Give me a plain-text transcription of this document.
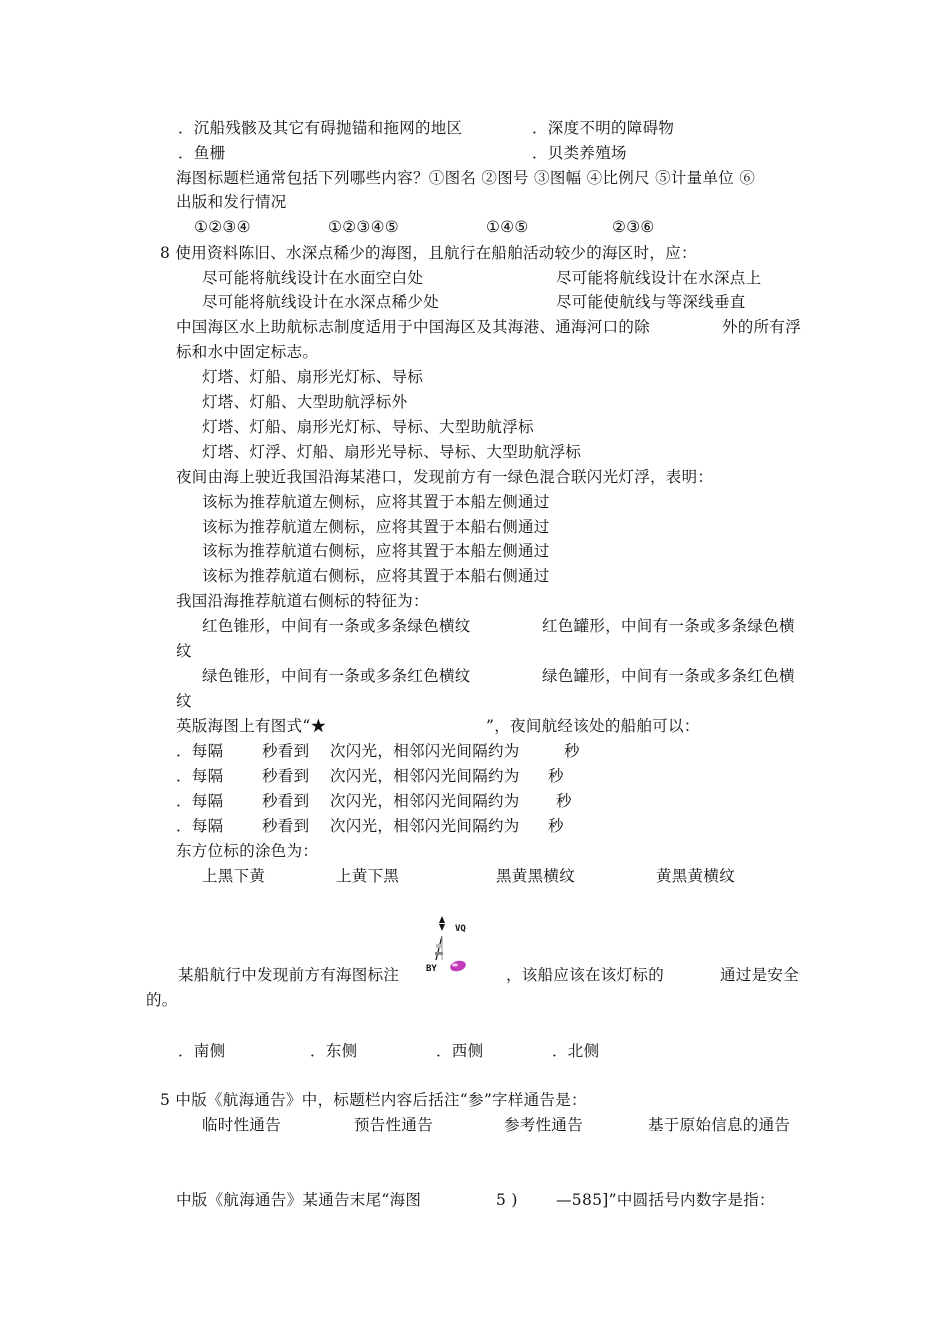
．沉船残骸及其它有碍抛锚和拖网的地区	．深度不明的障碍物
．鱼栅	．贝类养殖场
海图标题栏通常包括下列哪些内容？①图名 ②图号 ③图幅 ④比例尺 ⑤计量单位 ⑥
出版和发行情况
①②③④	①②③④⑤	①④⑤	②③⑥
8 使用资料陈旧、水深点稀少的海图，且航行在船舶活动较少的海区时，应：
尽可能将航线设计在水面空白处	尽可能将航线设计在水深点上
尽可能将航线设计在水深点稀少处	尽可能使航线与等深线垂直
中国海区水上助航标志制度适用于中国海区及其海港、通海河口的除	外的所有浮
标和水中固定标志。
灯塔、灯船、扇形光灯标、导标
灯塔、灯船、大型助航浮标外
灯塔、灯船、扇形光灯标、导标、大型助航浮标
灯塔、灯浮、灯船、扇形光导标、导标、大型助航浮标
夜间由海上驶近我国沿海某港口，发现前方有一绿色混合联闪光灯浮，表明：
该标为推荐航道左侧标，应将其置于本船左侧通过
该标为推荐航道左侧标，应将其置于本船右侧通过
该标为推荐航道右侧标，应将其置于本船左侧通过
该标为推荐航道右侧标，应将其置于本船右侧通过
我国沿海推荐航道右侧标的特征为：
红色锥形，中间有一条或多条绿色横纹	红色罐形，中间有一条或多条绿色横
纹
绿色锥形，中间有一条或多条红色横纹	绿色罐形，中间有一条或多条红色横
纹
英版海图上有图式“★	”，夜间航经该处的船舶可以：
．每隔 秒看到 次闪光，相邻闪光间隔约为	秒
．每隔 秒看到 次闪光，相邻闪光间隔约为 秒
．每隔 秒看到 次闪光，相邻闪光间隔约为 秒
．每隔 秒看到 次闪光，相邻闪光间隔约为 秒
东方位标的涂色为：
上黑下黄	上黄下黑	黑黄黑横纹	黄黑黄横纹
VQ
BY
某船航行中发现前方有海图标注	，该船应该在该灯标的	通过是安全
的。
．南侧	．东侧	．西侧	．北侧
5 中版《航海通告》中，标题栏内容后括注“参”字样通告是：
临时性通告	预告性通告	参考性通告	基于原始信息的通告
中版《航海通告》某通告末尾“海图	5 ) —585]”中圆括号内数字是指：
